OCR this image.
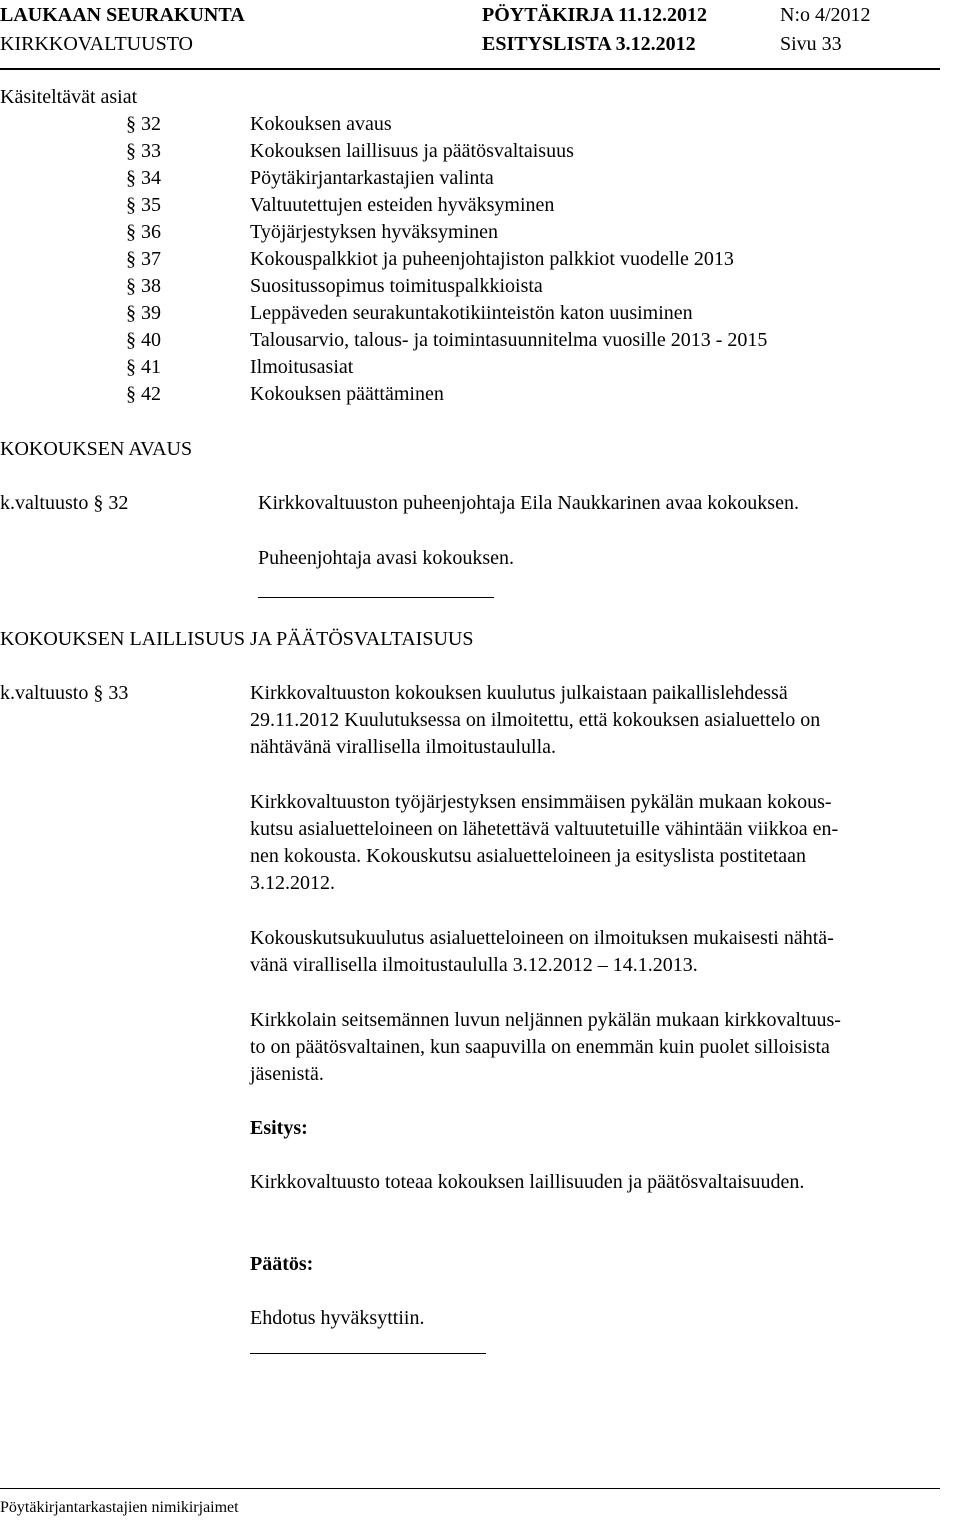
LAUKAAN SEURAKUNTA
KIRKKOVALTUUSTO
PÖYTÄKIRJA 11.12.2012
ESITYSLISTA 3.12.2012
N:o 4/2012
Sivu 33
Käsiteltävät asiat
§ 32	Kokouksen avaus
§ 33	Kokouksen laillisuus ja päätösvaltaisuus
§ 34	Pöytäkirjantarkastajien valinta
§ 35	Valtuutettujen esteiden hyväksyminen
§ 36	Työjärjestyksen hyväksyminen
§ 37	Kokouspalkkiot ja puheenjohtajiston palkkiot vuodelle 2013
§ 38	Suositussopimus toimituspalkkioista
§ 39	Leppäveden seurakuntakotikiinteistön katon uusiminen
§ 40	Talousarvio, talous- ja toimintasuunnitelma vuosille 2013 - 2015
§ 41	Ilmoitusasiat
§ 42	Kokouksen päättäminen
KOKOUKSEN AVAUS
k.valtuusto § 32	Kirkkovaltuuston puheenjohtaja Eila Naukkarinen avaa kokouksen.
Puheenjohtaja avasi kokouksen.
KOKOUKSEN LAILLISUUS JA PÄÄTÖSVALTAISUUS
k.valtuusto § 33	Kirkkovaltuuston kokouksen kuulutus julkaistaan paikallislehdessä
29.11.2012 Kuulutuksessa on ilmoitettu, että kokouksen asialuettelo on
nähtävänä virallisella ilmoitustaululla.
Kirkkovaltuuston työjärjestyksen ensimmäisen pykälän mukaan kokous-
kutsu asialuetteloineen on lähetettävä valtuutetuille vähintään viikkoa en-
nen kokousta. Kokouskutsu asialuetteloineen ja esityslista postitetaan
3.12.2012.
Kokouskutsukuulutus asialuetteloineen on ilmoituksen mukaisesti nähtä-
vänä virallisella ilmoitustaululla 3.12.2012 – 14.1.2013.
Kirkkolain seitsemännen luvun neljännen pykälän mukaan kirkkovaltuus-
to on päätösvaltainen, kun saapuvilla on enemmän kuin puolet silloisista
jäsenistä.
Esitys:
Kirkkovaltuusto toteaa kokouksen laillisuuden ja päätösvaltaisuuden.
Päätös:
Ehdotus hyväksyttiin.
Pöytäkirjantarkastajien nimikirjaimet
